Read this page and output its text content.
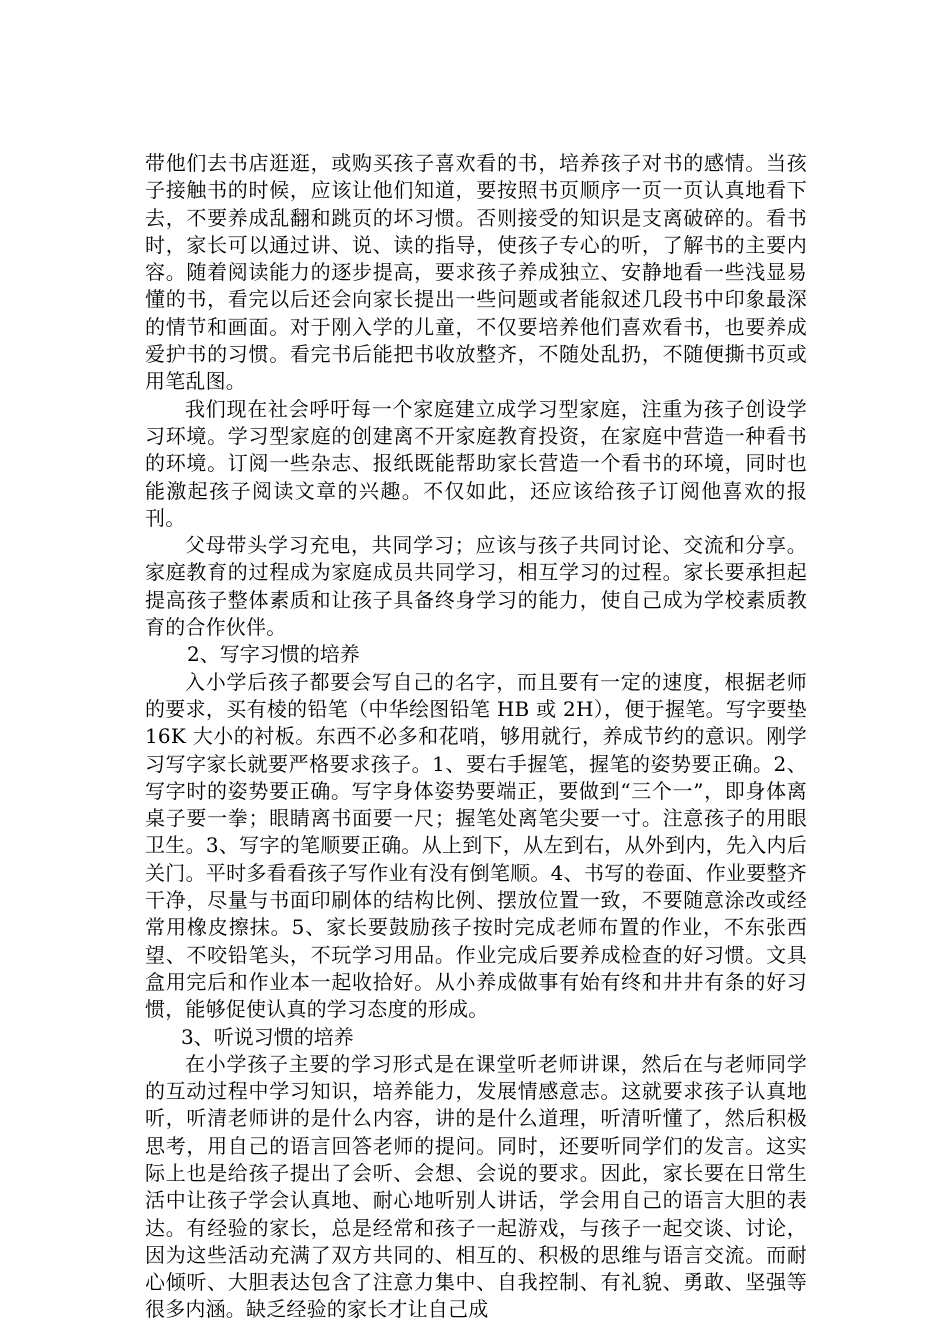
带他们去书店逛逛，或购买孩子喜欢看的书，培养孩子对书的感情。当孩子接触书的时候，应该让他们知道，要按照书页顺序一页一页认真地看下去，不要养成乱翻和跳页的坏习惯。否则接受的知识是支离破碎的。看书时，家长可以通过讲、说、读的指导，使孩子专心的听，了解书的主要内容。随着阅读能力的逐步提高，要求孩子养成独立、安静地看一些浅显易懂的书，看完以后还会向家长提出一些问题或者能叙述几段书中印象最深的情节和画面。对于刚入学的儿童，不仅要培养他们喜欢看书，也要养成爱护书的习惯。看完书后能把书收放整齐，不随处乱扔，不随便撕书页或用笔乱图。

我们现在社会呼吁每一个家庭建立成学习型家庭，注重为孩子创设学习环境。学习型家庭的创建离不开家庭教育投资，在家庭中营造一种看书的环境。订阅一些杂志、报纸既能帮助家长营造一个看书的环境，同时也能激起孩子阅读文章的兴趣。不仅如此，还应该给孩子订阅他喜欢的报刊。

父母带头学习充电，共同学习；应该与孩子共同讨论、交流和分享。家庭教育的过程成为家庭成员共同学习，相互学习的过程。家长要承担起提高孩子整体素质和让孩子具备终身学习的能力，使自己成为学校素质教育的合作伙伴。

2、写字习惯的培养

入小学后孩子都要会写自己的名字，而且要有一定的速度，根据老师的要求，买有棱的铅笔（中华绘图铅笔 HB 或 2H），便于握笔。写字要垫 16K 大小的衬板。东西不必多和花哨，够用就行，养成节约的意识。刚学习写字家长就要严格要求孩子。1、要右手握笔，握笔的姿势要正确。2、写字时的姿势要正确。写字身体姿势要端正，要做到“三个一”，即身体离桌子要一拳；眼睛离书面要一尺；握笔处离笔尖要一寸。注意孩子的用眼卫生。3、写字的笔顺要正确。从上到下，从左到右，从外到内，先入内后关门。平时多看看孩子写作业有没有倒笔顺。4、书写的卷面、作业要整齐干净，尽量与书面印刷体的结构比例、摆放位置一致，不要随意涂改或经常用橡皮擦抹。5、家长要鼓励孩子按时完成老师布置的作业，不东张西望、不咬铅笔头，不玩学习用品。作业完成后要养成检查的好习惯。文具盒用完后和作业本一起收拾好。从小养成做事有始有终和井井有条的好习惯，能够促使认真的学习态度的形成。

3、听说习惯的培养

在小学孩子主要的学习形式是在课堂听老师讲课，然后在与老师同学的互动过程中学习知识，培养能力，发展情感意志。这就要求孩子认真地听，听清老师讲的是什么内容，讲的是什么道理，听清听懂了，然后积极思考，用自己的语言回答老师的提问。同时，还要听同学们的发言。这实际上也是给孩子提出了会听、会想、会说的要求。因此，家长要在日常生活中让孩子学会认真地、耐心地听别人讲话，学会用自己的语言大胆的表达。有经验的家长，总是经常和孩子一起游戏，与孩子一起交谈、讨论，因为这些活动充满了双方共同的、相互的、积极的思维与语言交流。而耐心倾听、大胆表达包含了注意力集中、自我控制、有礼貌、勇敢、坚强等很多内涵。缺乏经验的家长才让自己成
